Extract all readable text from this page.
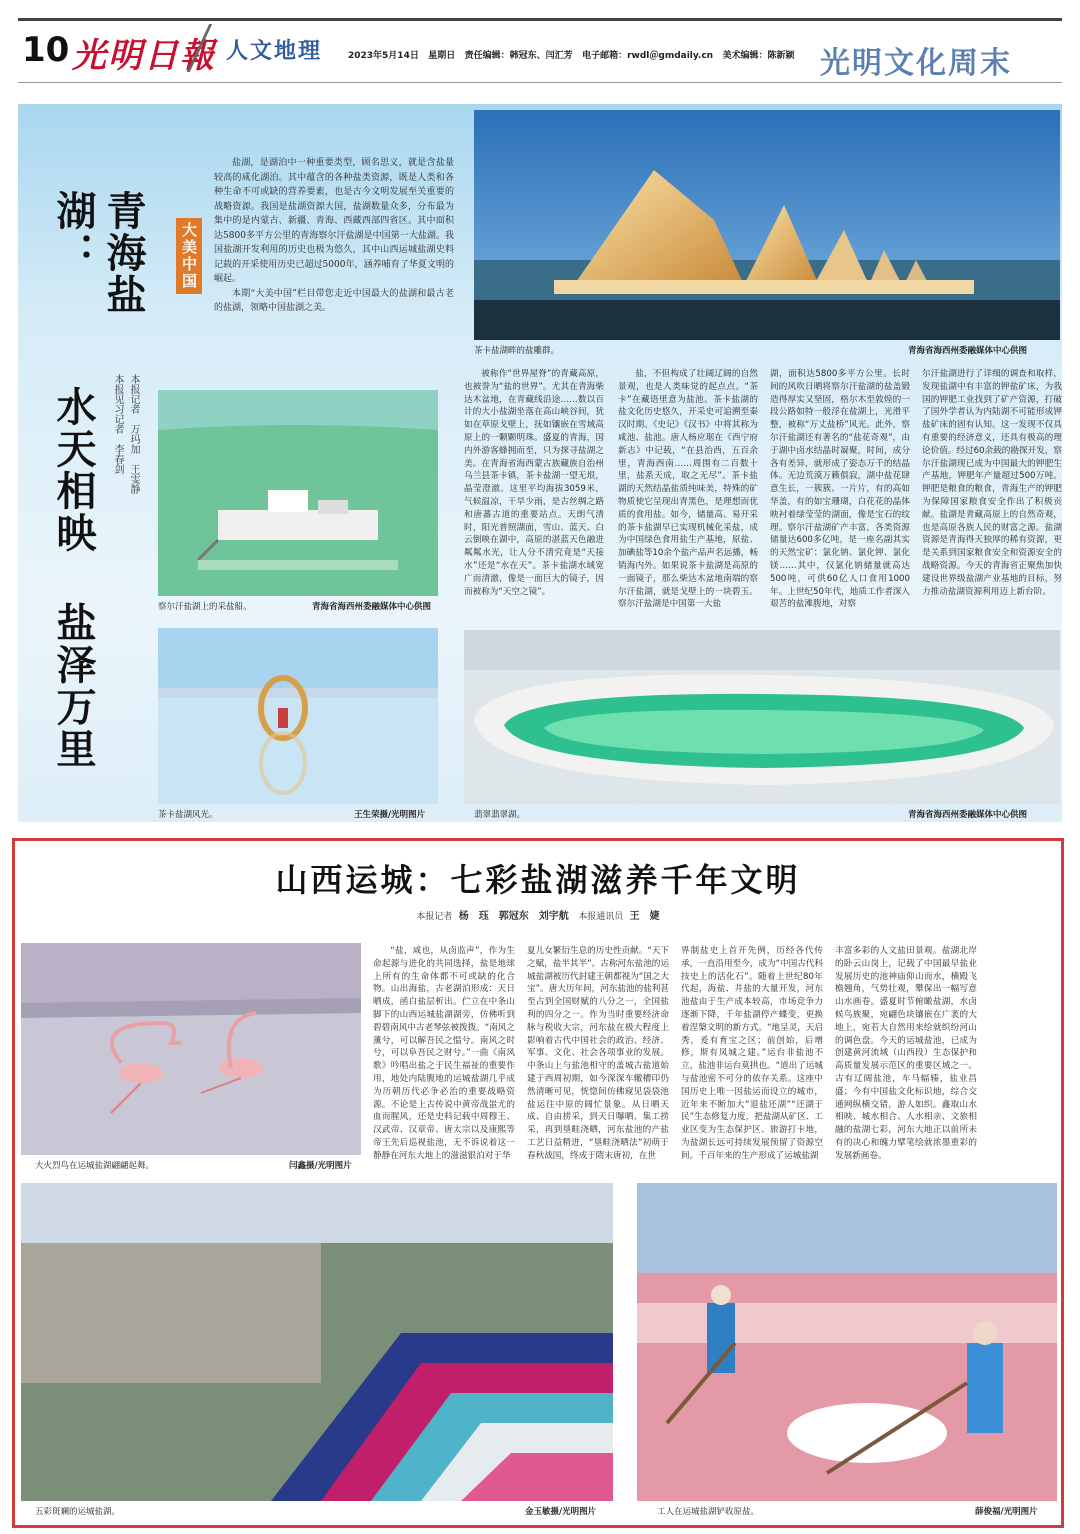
10 光明日報 人文地理	2023年5月14日 星期日 责任编辑：韩冠东、闫汇芳 电子邮箱：rwdl＠gmdaily.cn 美术编辑：陈新颖 光明文化周末
青海盐湖：
水天相映
盐泽万里
本报见习记者　李春剑 本报记者　万玛加　王雯静
大美中国

盐湖，是湖泊中一种重要类型，顾名思义，就是含盐量较高的咸化湖泊。其中蕴含的各种盐类资源，既是人类和各种生命不可或缺的营养要素，也是古今文明发展至关重要的战略资源。我国是盐湖资源大国，盐湖数量众多，分布最为集中的是内蒙古、新疆、青海、西藏西部四省区。其中面积达5800多平方公里的青海察尔汗盐湖是中国第一大盐湖。我国盐湖开发利用的历史也极为悠久，其中山西运城盐湖史料记载的开采使用历史已超过5000年，涵养哺育了华夏文明的崛起。

本期“大美中国”栏目带您走近中国最大的盐湖和最古老的盐湖，领略中国盐湖之美。

茶卡盐湖畔的盐雕群。	青海省海西州委融媒体中心供图
察尔汗盐湖上的采盐船。	青海省海西州委融媒体中心供图
茶卡盐湖风光。	王生荣摄/光明图片
被称作“世界屋脊”的青藏高原，也被誉为“盐的世界”。尤其在青海柴达木盆地，在青藏线沿途……数以百计的大小盐湖坐落在高山峡谷间，犹如在草原戈壁上，抚如镶嵌在雪域高原上的一颗颗明珠。盛夏的青海，国内外游客蜂拥而至，只为探寻盐湖之美。在青海省海西蒙古族藏族自治州乌兰县茶卡镇，茶卡盐湖一望无垠，晶莹澄澈。这里平均海拔3059米，气候温凉，干旱少雨，是古丝绸之路和唐蕃古道的重要站点。天朗气清时，阳光普照湖面，雪山、蓝天、白云倒映在湖中，高原的湛蓝天色融进粼粼水光，让人分不清究竟是“天接水”还是“水在天”。茶卡盐湖水域宽广而清澈，像是一面巨大的镜子，因而被称为“天空之镜”。
盐，不但构成了壮阔辽阔的自然景观，也是人类味觉的起点点。“茶卡”在藏语里意为盐池。茶卡盐湖的盐文化历史悠久，开采史可追溯至秦汉时期。《史记》《汉书》中将其称为咸池、盐池。唐人杨应琚在《西宁府新志》中记载，“在县治西，五百余里，青海西南……周围有二百数十里，盐系天成，取之无尽”。茶卡盐湖的天然结晶盐质纯味美，特殊的矿物质使它呈现出青黑色，是理想而优质的食用盐。如今，储量高、易开采的茶卡盐湖早已实现机械化采盐，成为中国绿色食用盐生产基地，原盐、加碘盐等10余个盐产品声名远播，畅销海内外。如果说茶卡盐湖是高原的一面镜子，那么柴达木盆地南端的察尔汗盐湖，就是戈壁上的一块碧玉。察尔汗盐湖是中国第一大盐
湖，面积达5800多平方公里。长时间的风吹日晒将察尔汗盐湖的盐盖锻造得厚实又坚固，格尔木至敦煌的一段公路如特一般浮在盐湖上，光滑平整，被称“万丈盐桥”风光。此外，察尔汗盐湖还有著名的“盐花奇观”，由于湖中卤水结晶时凝聚，时间，成分各有差异，就形成了姿态万千的结晶体。无边荒漠万籁俱寂，湖中盐花肆意生长，一簇簇、一片片，有的高如华盖，有的如宝珊瑚，白花花的晶体映衬着绿莹莹的湖面，像是宝石的纹理。察尔汗盐湖矿产丰富，各类资源储量达600多亿吨，是一座名副其实的天然宝矿：氯化钠、氯化钾、氯化镁……其中，仅氯化钠储量就高达500吨，可供60亿人口食用1000年。上世纪50年代，地质工作者深入艰苦的盐滩腹地，对察
尔汗盐湖进行了详细的调查和取样，发现盐湖中有丰富的钾盐矿床，为我国的钾肥工业找到了矿产资源，打破了国外学者认为内陆湖不可能形成钾盐矿床的固有认知。这一发现不仅具有重要的经济意义，还具有极高的理论价值。经过60余载的勘探开发，察尔汗盐湖现已成为中国最大的钾肥生产基地，钾肥年产量超过500万吨。钾肥是粮食的粮食，青海生产的钾肥为保障国家粮食安全作出了积极贡献。盐湖是青藏高原上的自然奇观，也是高原各族人民的财富之源。盐湖资源是青海得天独厚的稀有资源，更是关系到国家粮食安全和资源安全的战略资源。今天的青海省正聚焦加快建设世界级盐湖产业基地的目标，努力推动盐湖资源利用迈上新台阶。
翡翠翡翠湖。	青海省海西州委融媒体中心供图
山西运城：七彩盐湖滋养千年文明
本报记者 杨　珏　郭冠东　刘宇航 本报通讯员 王　婕
大火烈鸟在运城盐湖翩翩起舞。	闫鑫摄/光明图片
“盐，咸也，从卤监声”，作为生命起源与进化的共同选择，盐是地球上所有的生命体都不可或缺的化合物。山出海盐，古老湖泊形成：天日晒成，函白盐层析出。伫立在中条山脚下的山西运城盐湖湖旁，仿佛听到碧碧南风中古老琴弦被拨拨。“南风之薰兮，可以解吾民之愠兮。南风之时兮，可以阜吾民之财兮。”一曲《南风歌》吟唱出盐之于民生福祉的重要作用，地处内陆腹地的运城盐湖几乎成为历朝历代必争必治的重要战略资源。不论是上古传说中黄帝战蚩尤的血而腥风，还是史料记载中周穆王、汉武帝、汉章帝、唐太宗以及康熙等帝王先后巡视盐池，无不诉说着这一静静在河东大地上的滋滋银泊对于华
夏儿女繁衍生息的历史性贡献。“天下之赋，盐半其半”。古称河东盐池的运城盐湖被历代封建王朝都视为“国之大宝”。唐大历年间，河东盐池的盐利甚至占到全国财赋的八分之一，全国盐利的四分之一。作为当时重要经济命脉与税收大宗，河东盐在极大程度上影响着古代中国社会的政治、经济、军事、文化、社会各项事业的发展。中条山上与盐池相守的盖城古盐道始建于西周初期，如今深深车辙槽印仍然清晰可见，恍惚间仿佛窥见袋袋池盐运往中原的阔忙景象。从日晒天成、自由捞采，到天日曝晒、集工捞采，再到垦畦浇晒，河东盐池的产盐工艺日益精进，“垦畦浇晒法”初萌于春秋战国，终成于隋末唐初，在世
界制盐史上首开先例，历经各代传承，一直沿用至今，成为“中国古代科技史上的活化石”。随着上世纪80年代起，海盐、井盐的大量开发，河东池盐由于生产成本较高，市场竞争力逐渐下降，千年盐湖停产蝶变，更换着涅槃文明的新方式。“地呈灵，天启秀，爰有育宝之区；前创始，后增修，斯有凤城之建。”运台非盐池不立，盐池非运台莫拱也。“道出了运城与盐池密不可分的依存关系。这座中国历史上唯一因盐运而设立的城市，近年来不断加大“退盐还湖”“还湖于民”生态修复力度，把盐湖从矿区、工业区变为生态保护区、旅游打卡地，为盐湖长远可持续发展预留了资源空间。千百年来的生产形成了运城盐湖
丰富多彩的人文盐田景观。盐湖北岸的卧云山岗上，记载了中国最早盐业发展历史的池神庙仰山而水，横殿飞檐翘角，气势壮观，攀保出一幅写意山水画卷。盛夏时节俯瞰盐湖，水卤候鸟族聚，宛翩色块镶嵌在广袤的大地上，宛若大自然用来绘就织纷河山的调色盘。今天的运城盐池，已成为创建黄河流域（山西段）生态保护和高质量发展示范区的重要区域之一。古有辽阔盐池，车马辐辏，盐业昌盛；今有中国盐文化标识地，综合交通网纵横交错，游人如织。鑫取山水相映、城水相合、人水相亲、文旅相融的盐湖七彩，河东大地正以前所未有的决心和魄力擘笔绘就浓墨重彩的发展新画卷。
五彩斑斓的运城盐湖。	金玉敏摄/光明图片	工人在运城盐湖铲收原盐。	薛俊福/光明图片
